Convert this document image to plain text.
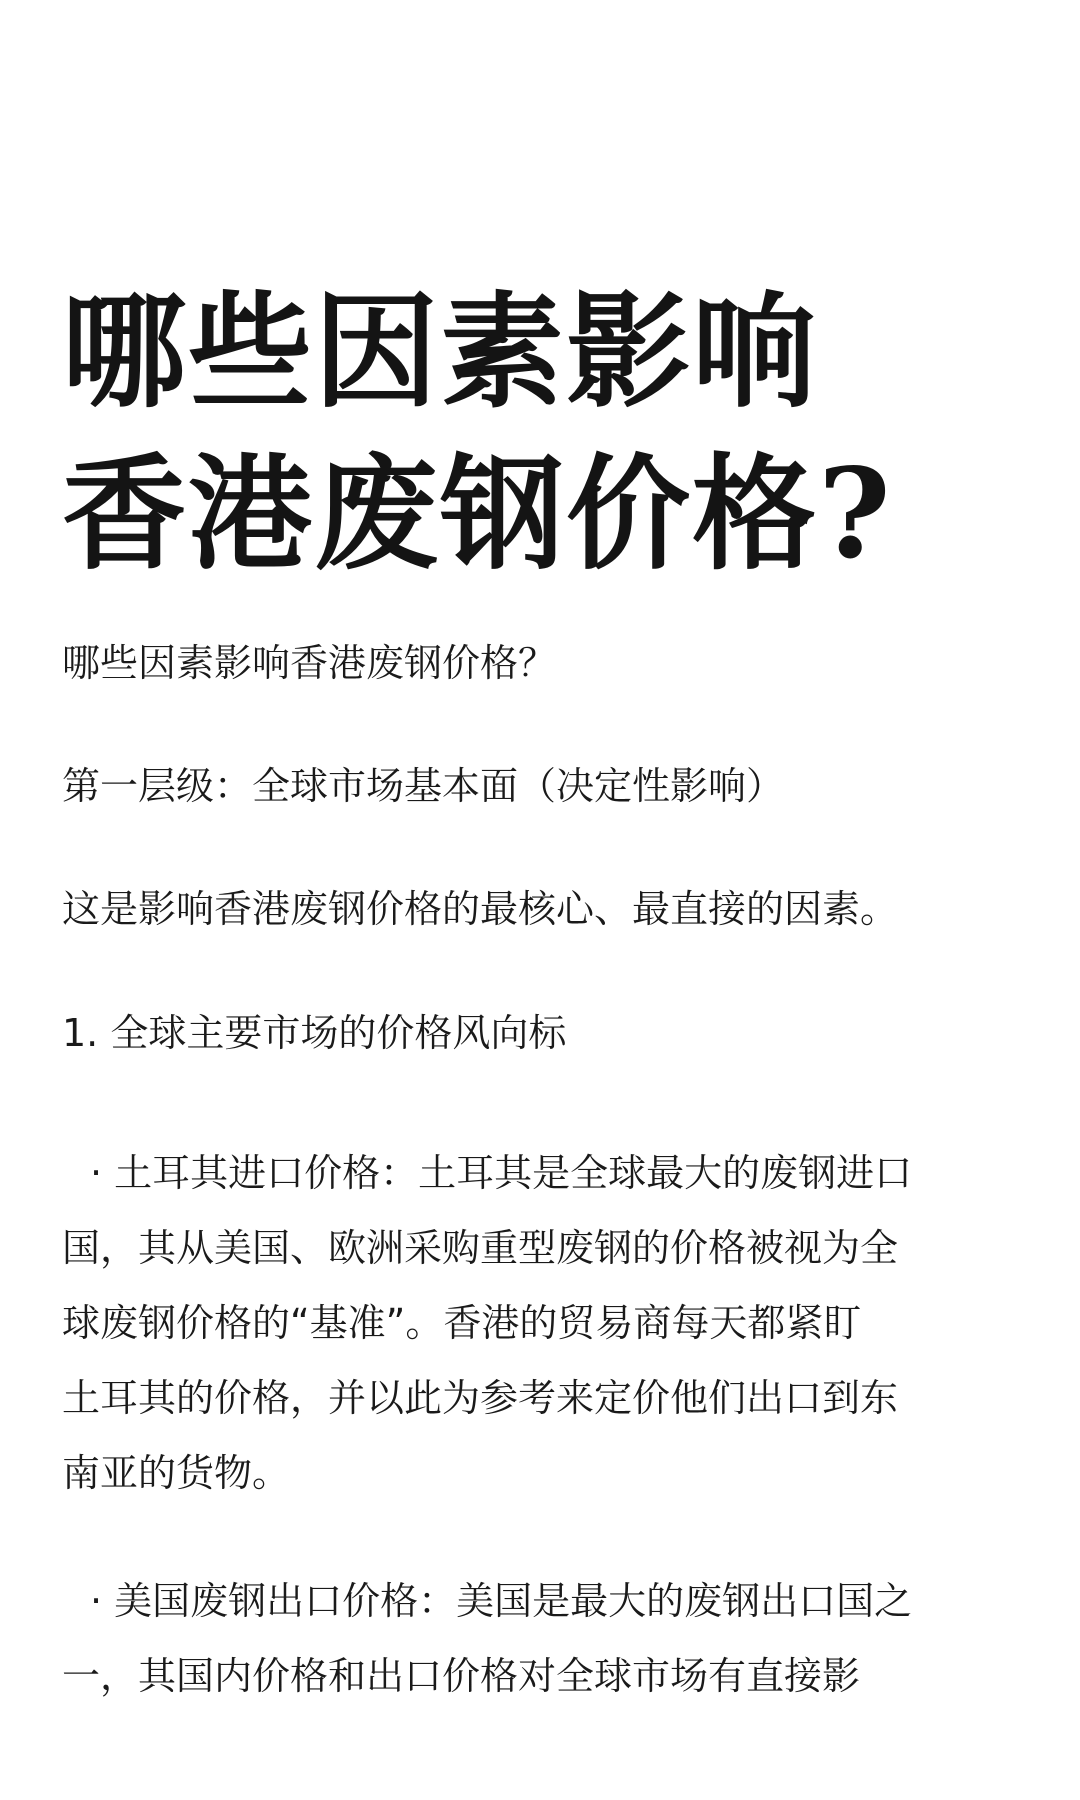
哪些因素影响
香港废钢价格?

哪些因素影响香港废钢价格？

第一层级：全球市场基本面（决定性影响）

这是影响香港废钢价格的最核心、最直接的因素。

1. 全球主要市场的价格风向标

· 土耳其进口价格：土耳其是全球最大的废钢进口
国，其从美国、欧洲采购重型废钢的价格被视为全
球废钢价格的“基准”。香港的贸易商每天都紧盯
土耳其的价格，并以此为参考来定价他们出口到东
南亚的货物。
· 美国废钢出口价格：美国是最大的废钢出口国之
一，其国内价格和出口价格对全球市场有直接影
